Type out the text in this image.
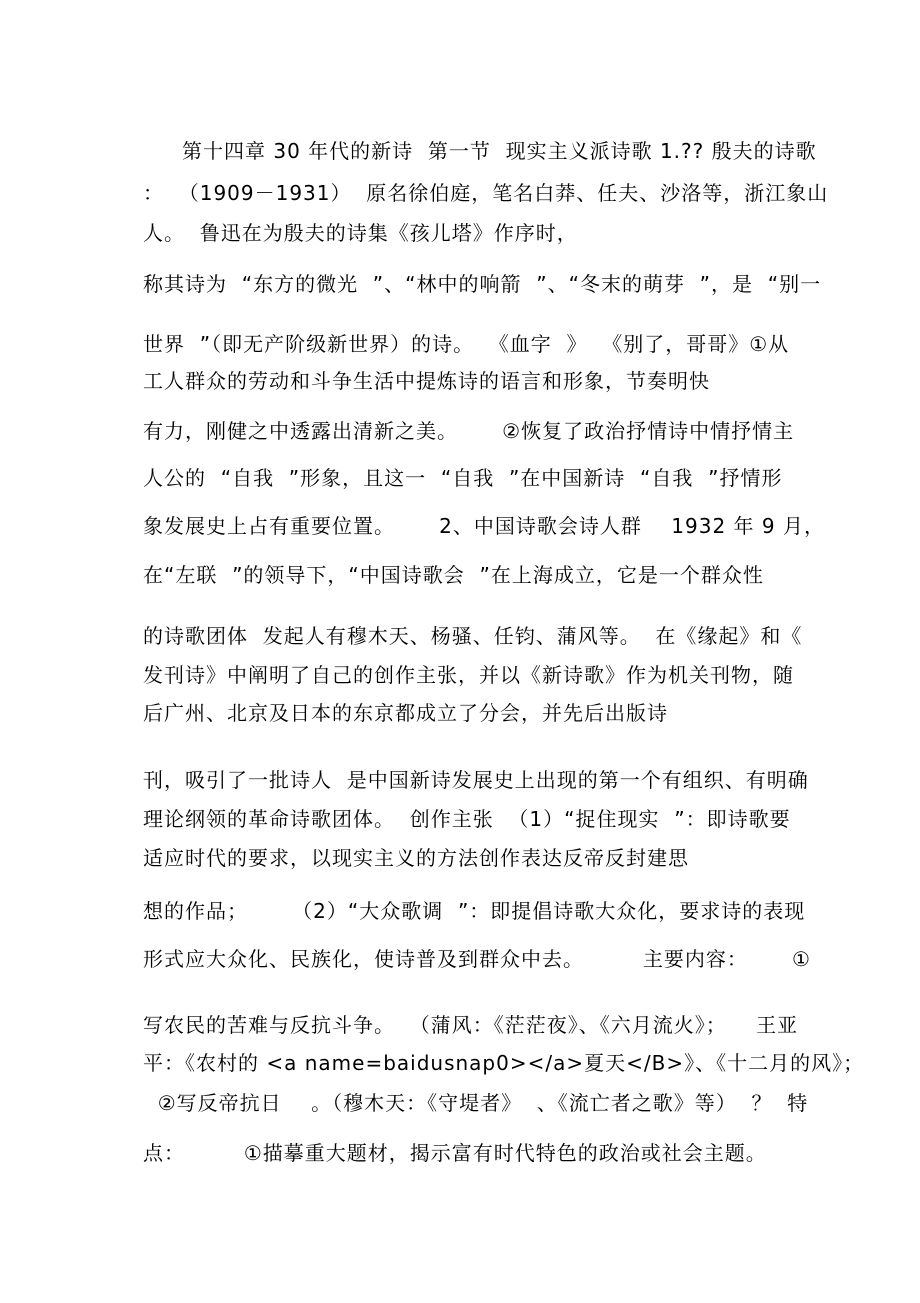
第十四章 30 年代的新诗  第一节  现实主义派诗歌 1.?? 殷夫的诗歌
：  （1909－1931）  原名徐伯庭，笔名白莽、任夫、沙洛等，浙江象山
人。  鲁迅在为殷夫的诗集《孩儿塔》作序时，
称其诗为  “东方的微光  ”、“林中的响箭  ”、“冬末的萌芽  ”，是  “别一
世界  ”（即无产阶级新世界）的诗。  《血字  》  《别了，哥哥》①从
工人群众的劳动和斗争生活中提炼诗的语言和形象，节奏明快
有力，刚健之中透露出清新之美。      ②恢复了政治抒情诗中情抒情主
人公的  “自我  ”形象，且这一  “自我  ”在中国新诗  “自我  ”抒情形
象发展史上占有重要位置。      2、中国诗歌会诗人群    1932 年 9 月，
在“左联  ”的领导下，“中国诗歌会  ”在上海成立，它是一个群众性
的诗歌团体  发起人有穆木天、杨骚、任钧、蒲风等。  在《缘起》和《
发刊诗》中阐明了自己的创作主张，并以《新诗歌》作为机关刊物，随
后广州、北京及日本的东京都成立了分会，并先后出版诗
刊，吸引了一批诗人  是中国新诗发展史上出现的第一个有组织、有明确
理论纲领的革命诗歌团体。  创作主张  （1）“捉住现实  ”：即诗歌要
适应时代的要求，以现实主义的方法创作表达反帝反封建思
想的作品；      （2）“大众歌调  ”：即提倡诗歌大众化，要求诗的表现
形式应大众化、民族化，使诗普及到群众中去。        主要内容：      ①
写农民的苦难与反抗斗争。  （蒲风：《茫茫夜》、《六月流火》；    王亚
平：《农村的 <a name=baidusnap0></a>夏天</B>》、《十二月的风》；
②写反帝抗日    。（穆木天：《守堤者》  、《流亡者之歌》等）  ？  特
点：        ①描摹重大题材，揭示富有时代特色的政治或社会主题。
